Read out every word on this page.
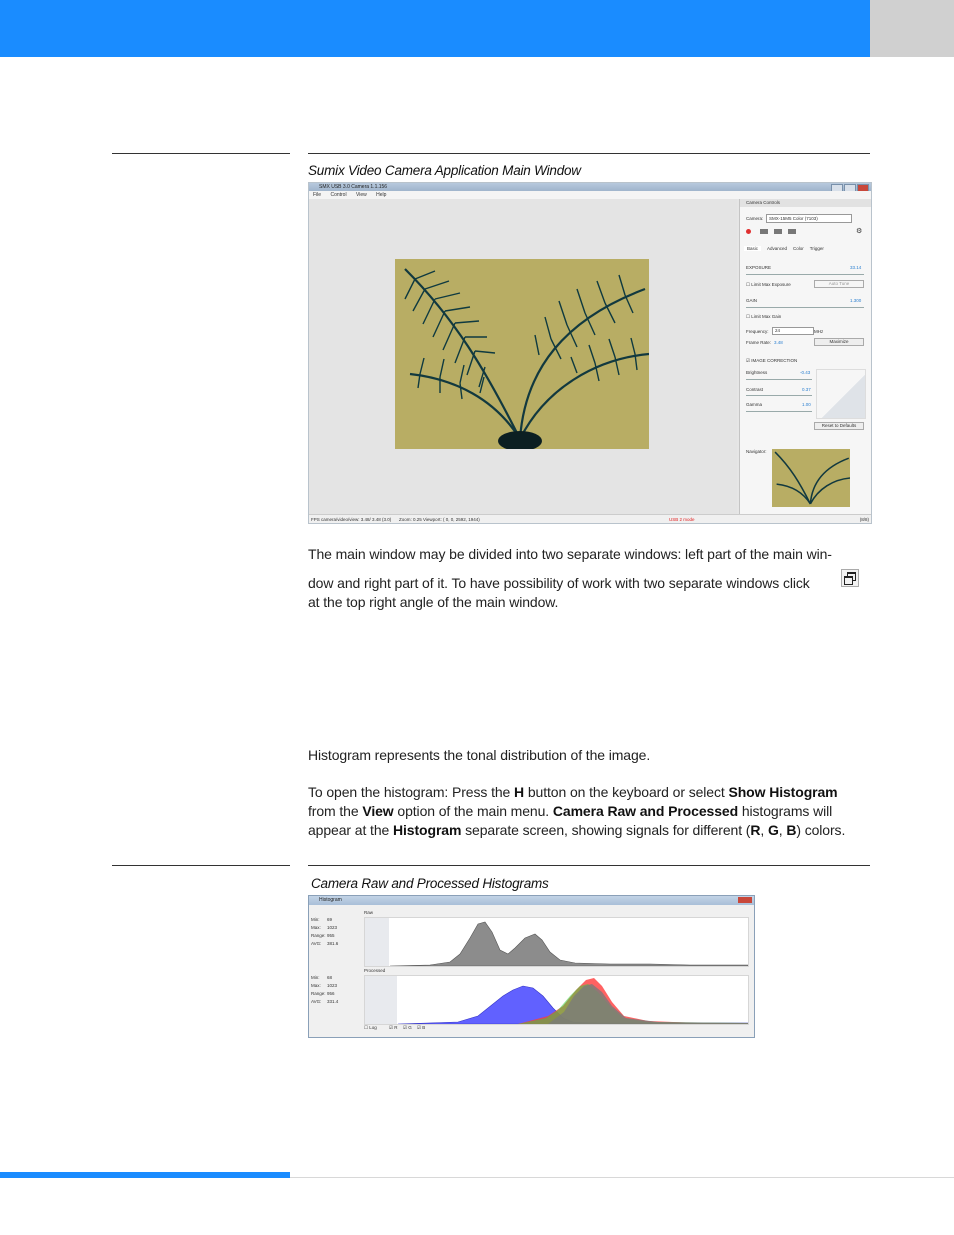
Sumix Video Camera Application Main Window
SMX USB 3.0 Camera 1.1.156
File Control View Help
Camera Controls
Camera:	SMX-15M5 Color (7103)
⚙
Basic	Advanced Color Trigger
EXPOSURE	33.14
☐ Limit Max Exposure	Auto Tune
GAIN	1.300
☐ Limit Max Gain
Frequency:	24	MHz
Frame Rate: 3.48	Maximize
☑ IMAGE CORRECTION
Brightness	-0.43
Contrast	0.37
Gamma	1.00
Reset to Defaults
Navigator:
FPS camera/video/view: 3.48/ 3.48 (3.0) Zoom: 0.25 Viewport: ( 0, 0, 2592, 1944)	USB 2 mode	(8/8)
The main window may be divided into two separate windows: left part of the main win-
dow and right part of it. To have possibility of work with two separate windows click
at the top right angle of the main window.
Histogram represents the tonal distribution of the image.
To open the histogram: Press the H button on the keyboard or select Show Histogram
from the View option of the main menu. Camera Raw and Processed histograms will
appear at the Histogram separate screen, showing signals for different (R, G, B) colors.
Camera Raw and Processed Histograms
Histogram
Min: 69
Max: 1023
Range:955
AVG: 381.6
Min: 68
Max: 1023
Range:956
AVG: 331.4
Raw
Processed
☐ Log	☑ R ☑ G ☑ B
